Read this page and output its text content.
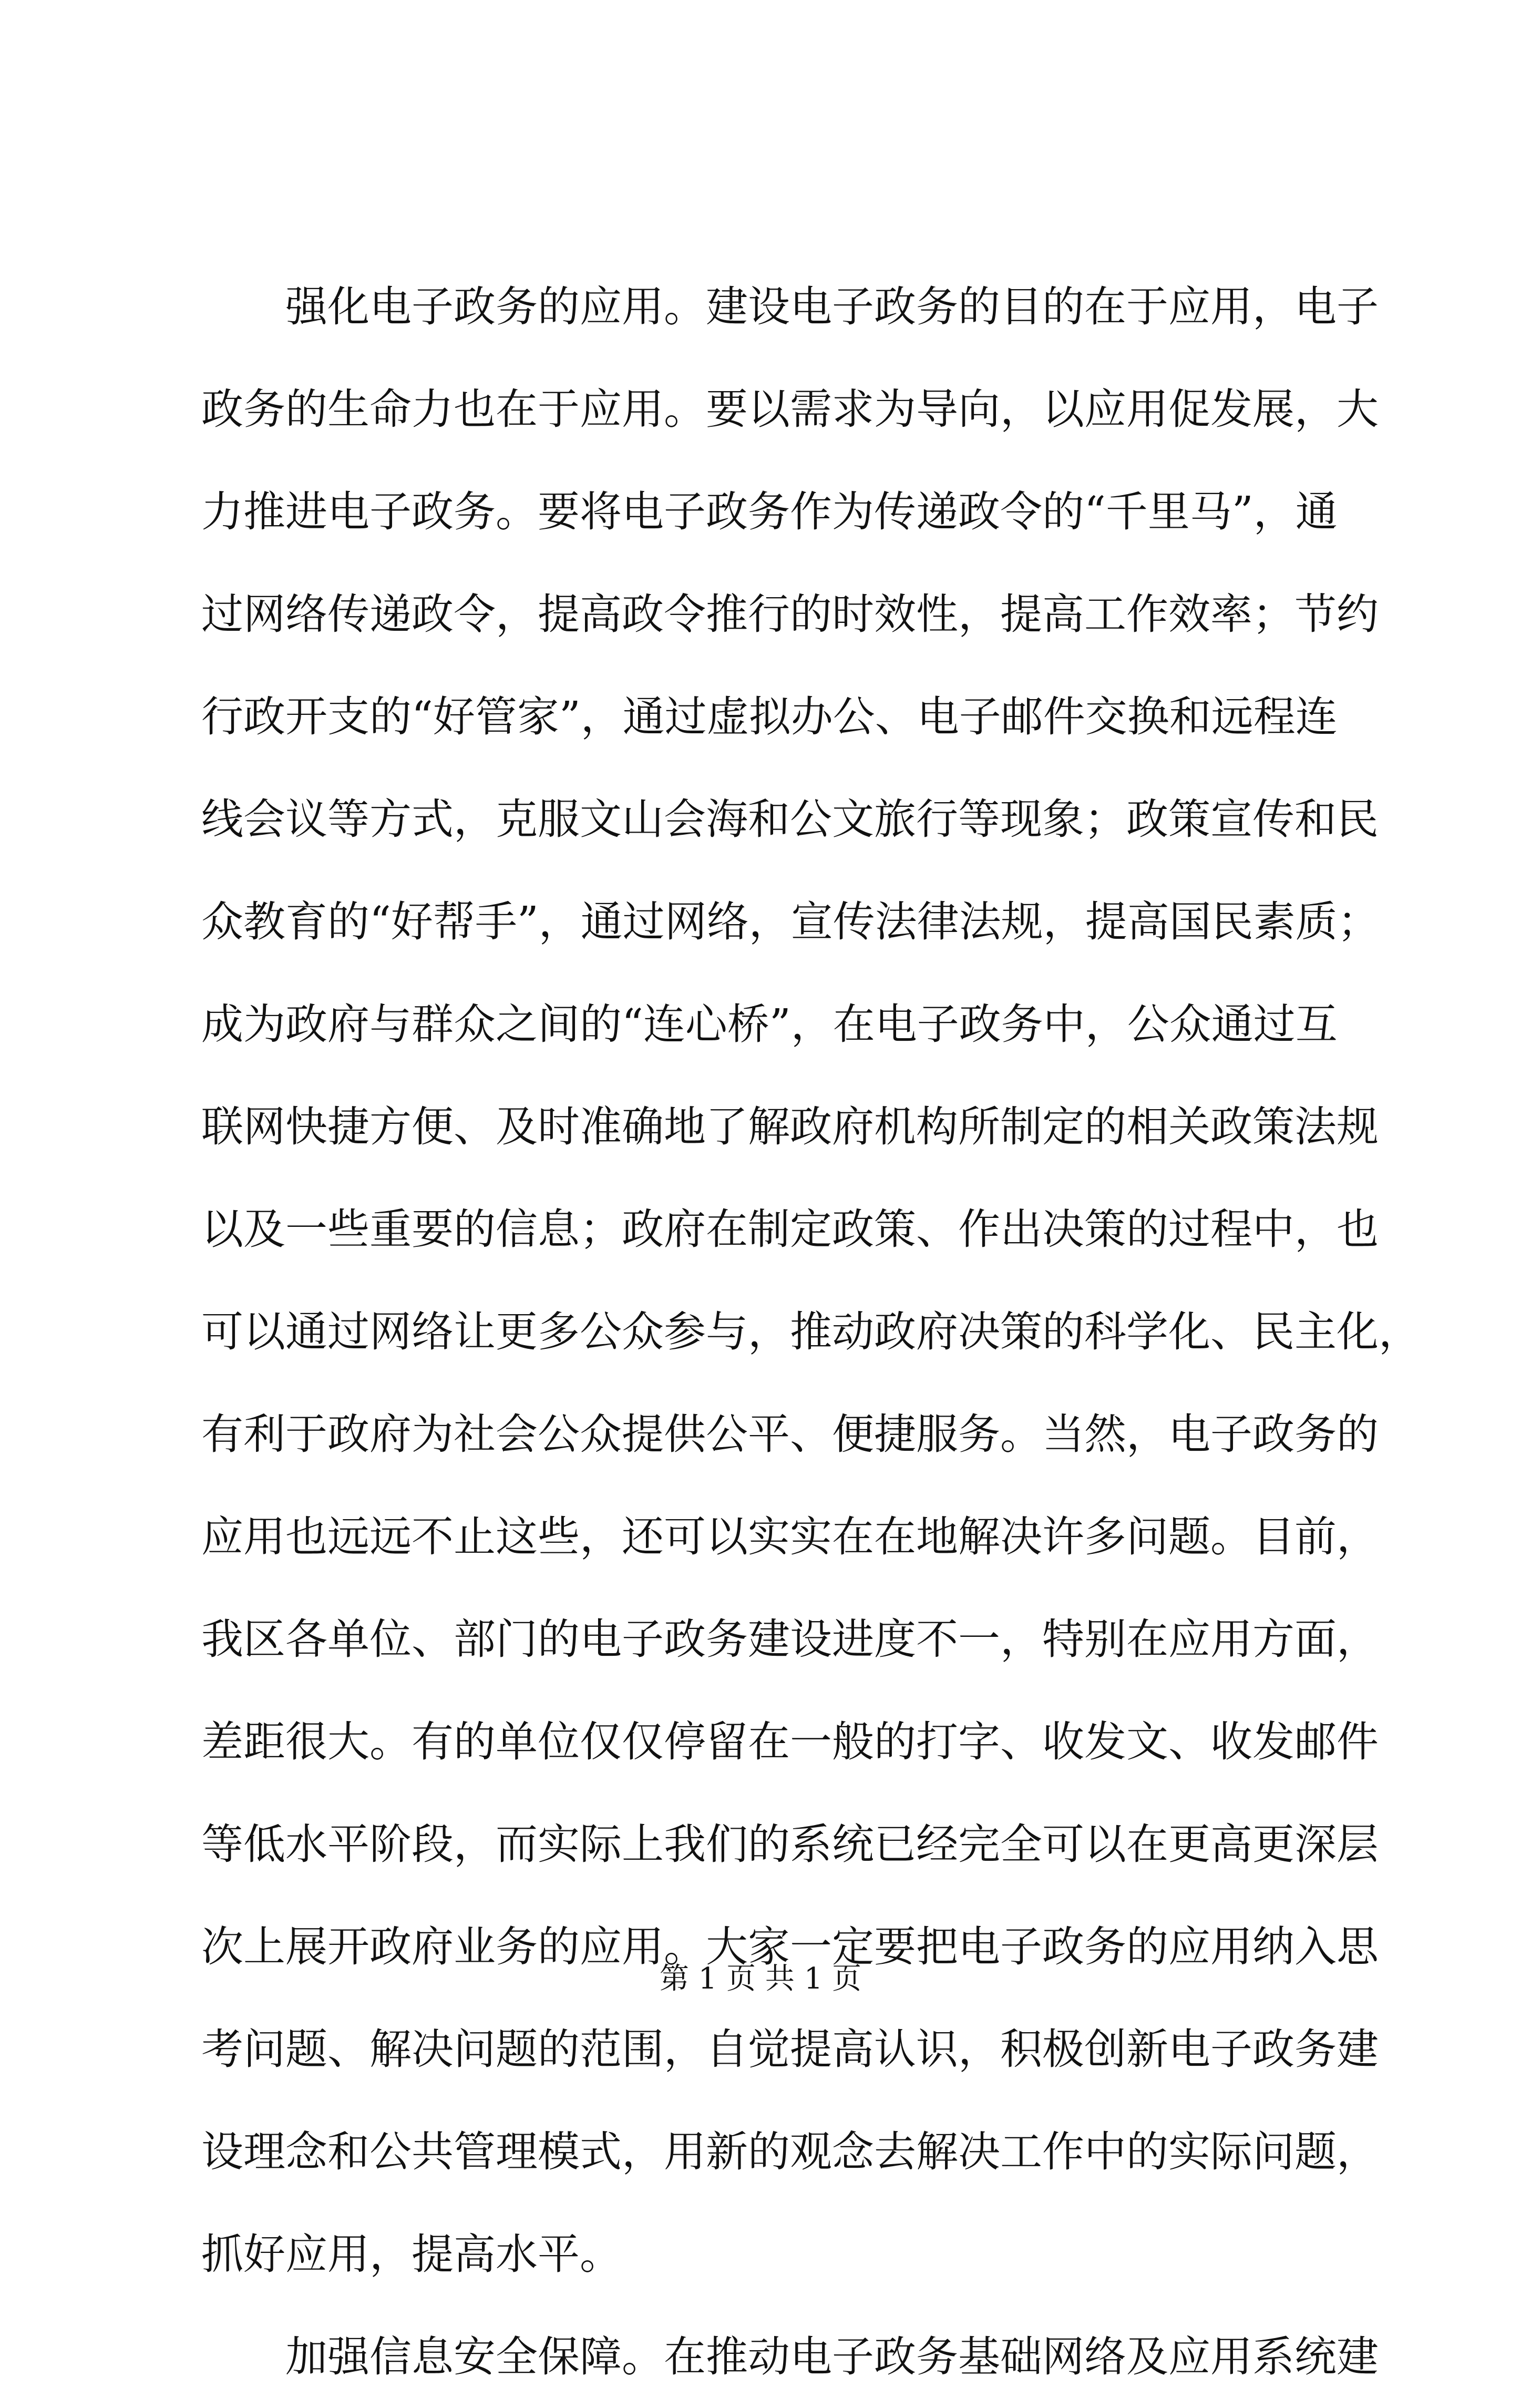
强化电子政务的应用。建设电子政务的目的在于应用，电子
政务的生命力也在于应用。要以需求为导向，以应用促发展，大
力推进电子政务。要将电子政务作为传递政令的“千里马”，通
过网络传递政令，提高政令推行的时效性，提高工作效率；节约
行政开支的“好管家”，通过虚拟办公、电子邮件交换和远程连
线会议等方式，克服文山会海和公文旅行等现象；政策宣传和民
众教育的“好帮手”，通过网络，宣传法律法规，提高国民素质；
成为政府与群众之间的“连心桥”，在电子政务中，公众通过互
联网快捷方便、及时准确地了解政府机构所制定的相关政策法规
以及一些重要的信息；政府在制定政策、作出决策的过程中，也
可以通过网络让更多公众参与，推动政府决策的科学化、民主化，
有利于政府为社会公众提供公平、便捷服务。当然，电子政务的
应用也远远不止这些，还可以实实在在地解决许多问题。目前，
我区各单位、部门的电子政务建设进度不一，特别在应用方面，
差距很大。有的单位仅仅停留在一般的打字、收发文、收发邮件
等低水平阶段，而实际上我们的系统已经完全可以在更高更深层
次上展开政府业务的应用。大家一定要把电子政务的应用纳入思
考问题、解决问题的范围，自觉提高认识，积极创新电子政务建
设理念和公共管理模式，用新的观念去解决工作中的实际问题，
抓好应用，提高水平。
加强信息安全保障。在推动电子政务基础网络及应用系统建
第 1 页 共 1 页
